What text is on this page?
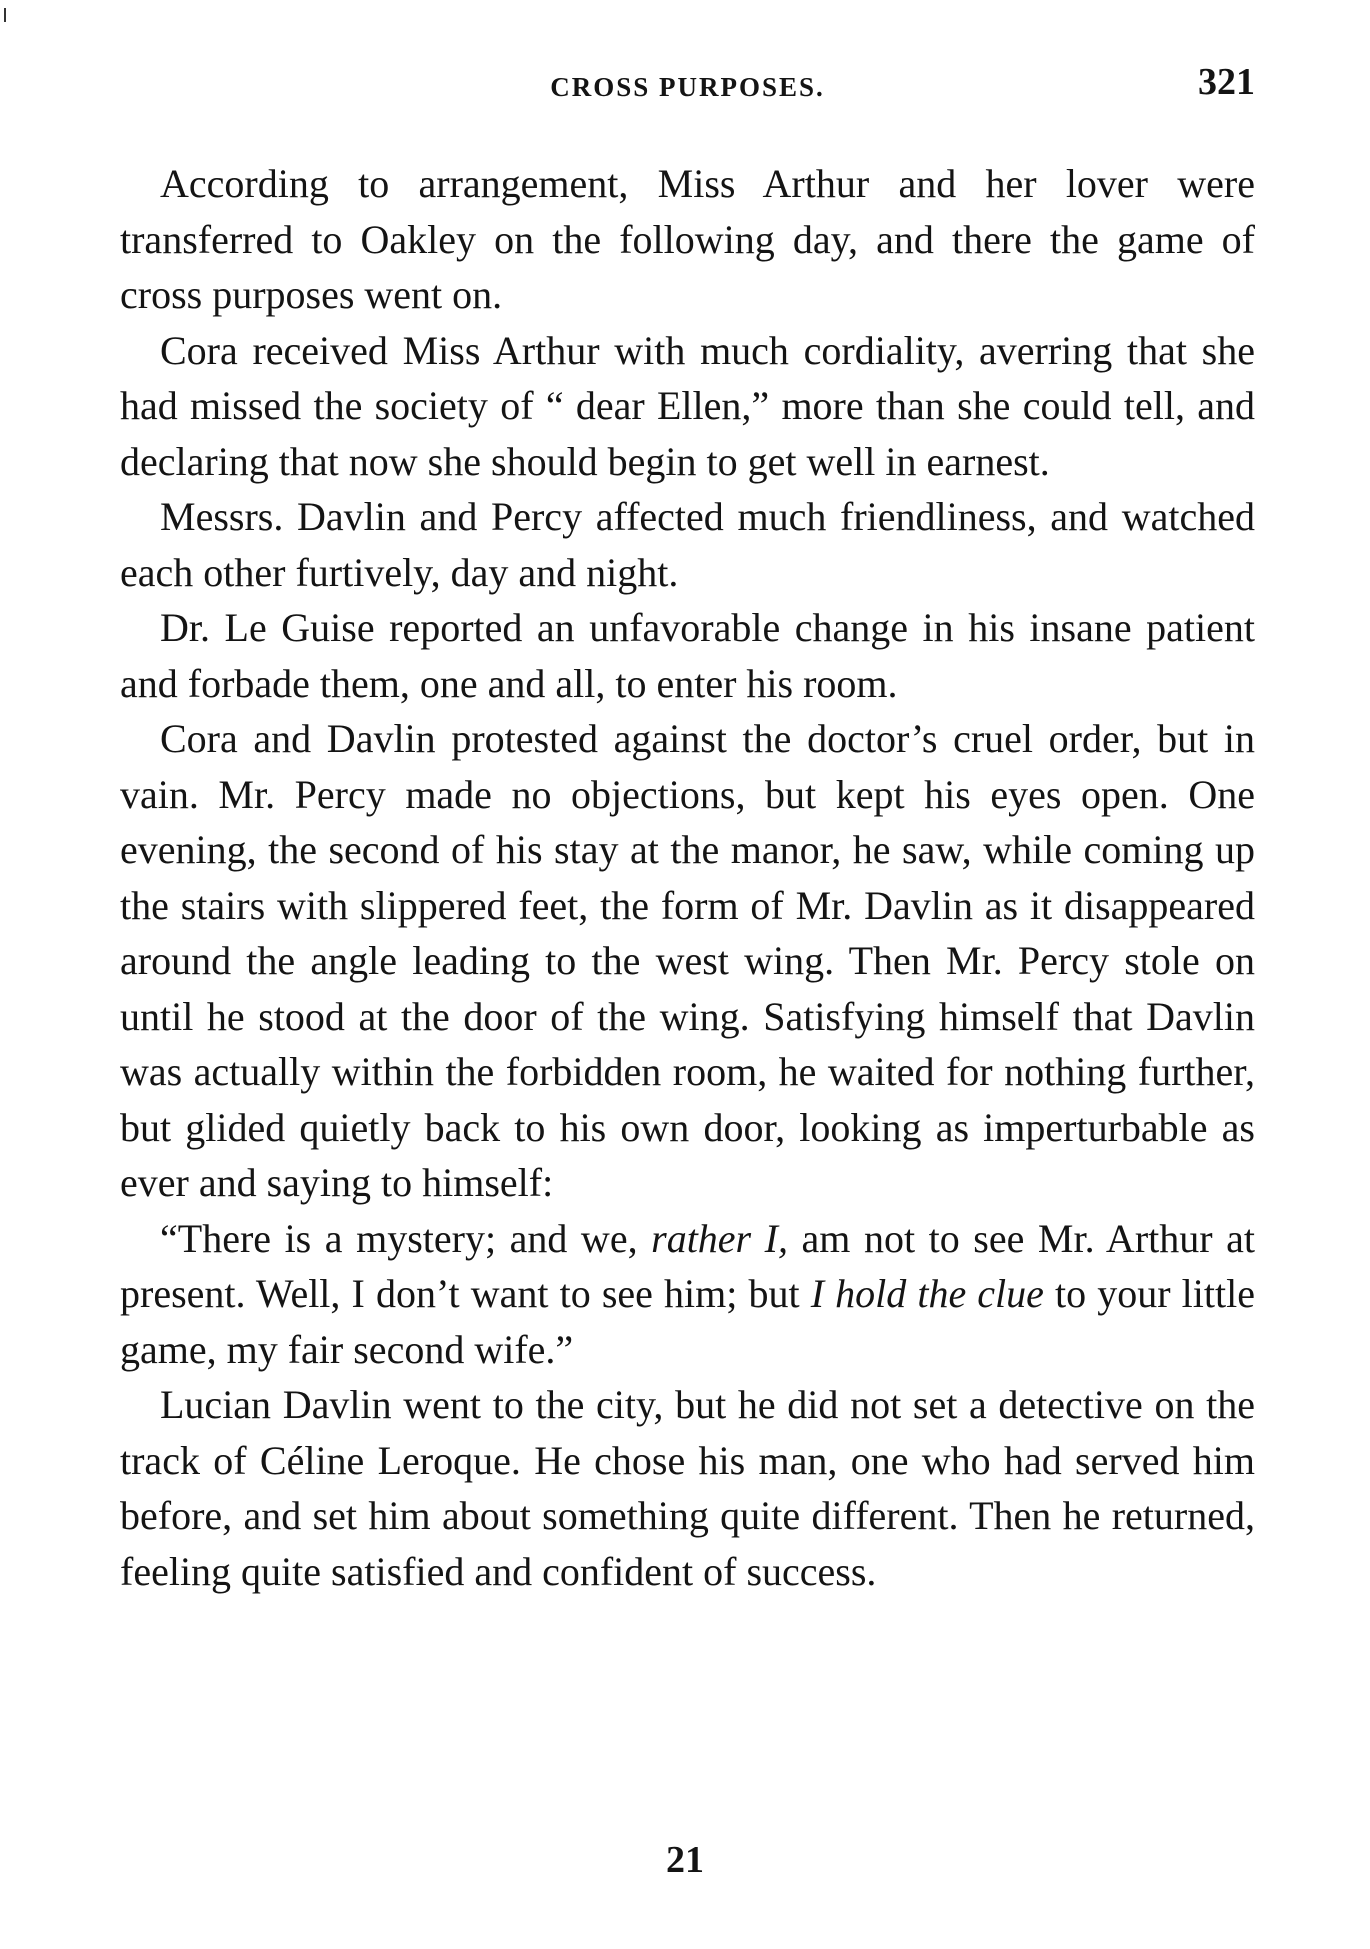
CROSS PURPOSES.	321

According to arrangement, Miss Arthur and her lover were transferred to Oakley on the following day, and there the game of cross purposes went on.

Cora received Miss Arthur with much cordiality, averring that she had missed the society of “ dear Ellen,” more than she could tell, and declaring that now she should begin to get well in earnest.

Messrs. Davlin and Percy affected much friendliness, and watched each other furtively, day and night.

Dr. Le Guise reported an unfavorable change in his insane patient and forbade them, one and all, to enter his room.

Cora and Davlin protested against the doctor’s cruel order, but in vain. Mr. Percy made no objections, but kept his eyes open. One evening, the second of his stay at the manor, he saw, while coming up the stairs with slippered feet, the form of Mr. Davlin as it disappeared around the angle leading to the west wing. Then Mr. Percy stole on until he stood at the door of the wing. Satisfying himself that Davlin was actually within the forbidden room, he waited for nothing further, but glided quietly back to his own door, looking as imperturbable as ever and saying to himself:

“There is a mystery; and we, rather I, am not to see Mr. Arthur at present. Well, I don’t want to see him; but I hold the clue to your little game, my fair second wife.”

Lucian Davlin went to the city, but he did not set a detective on the track of Céline Leroque. He chose his man, one who had served him before, and set him about something quite different. Then he returned, feeling quite satisfied and confident of success.

21
